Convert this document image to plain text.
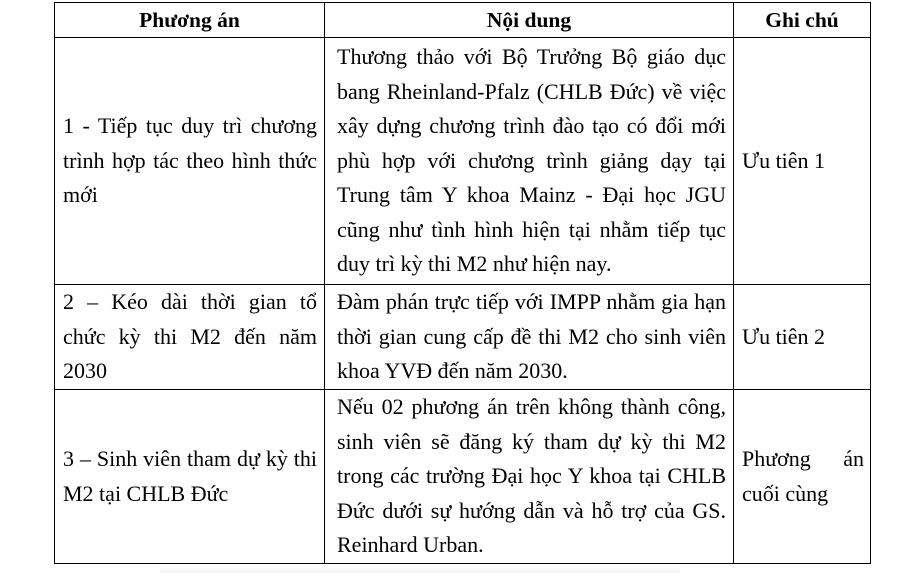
Phương án	Nội dung	Ghi chú
1 - Tiếp tục duy trì chương trình hợp tác theo hình thức mới	Thương thảo với Bộ Trưởng Bộ giáo dục bang Rheinland-Pfalz (CHLB Đức) về việc xây dựng chương trình đào tạo có đổi mới phù hợp với chương trình giảng dạy tại Trung tâm Y khoa Mainz - Đại học JGU cũng như tình hình hiện tại nhằm tiếp tục duy trì kỳ thi M2 như hiện nay.	Ưu tiên 1
2 – Kéo dài thời gian tổ chức kỳ thi M2 đến năm 2030	Đàm phán trực tiếp với IMPP nhằm gia hạn thời gian cung cấp đề thi M2 cho sinh viên khoa YVĐ đến năm 2030.	Ưu tiên 2
3 – Sinh viên tham dự kỳ thi M2 tại CHLB Đức	Nếu 02 phương án trên không thành công, sinh viên sẽ đăng ký tham dự kỳ thi M2 trong các trường Đại học Y khoa tại CHLB Đức dưới sự hướng dẫn và hỗ trợ của GS. Reinhard Urban.	Phương án cuối cùng
